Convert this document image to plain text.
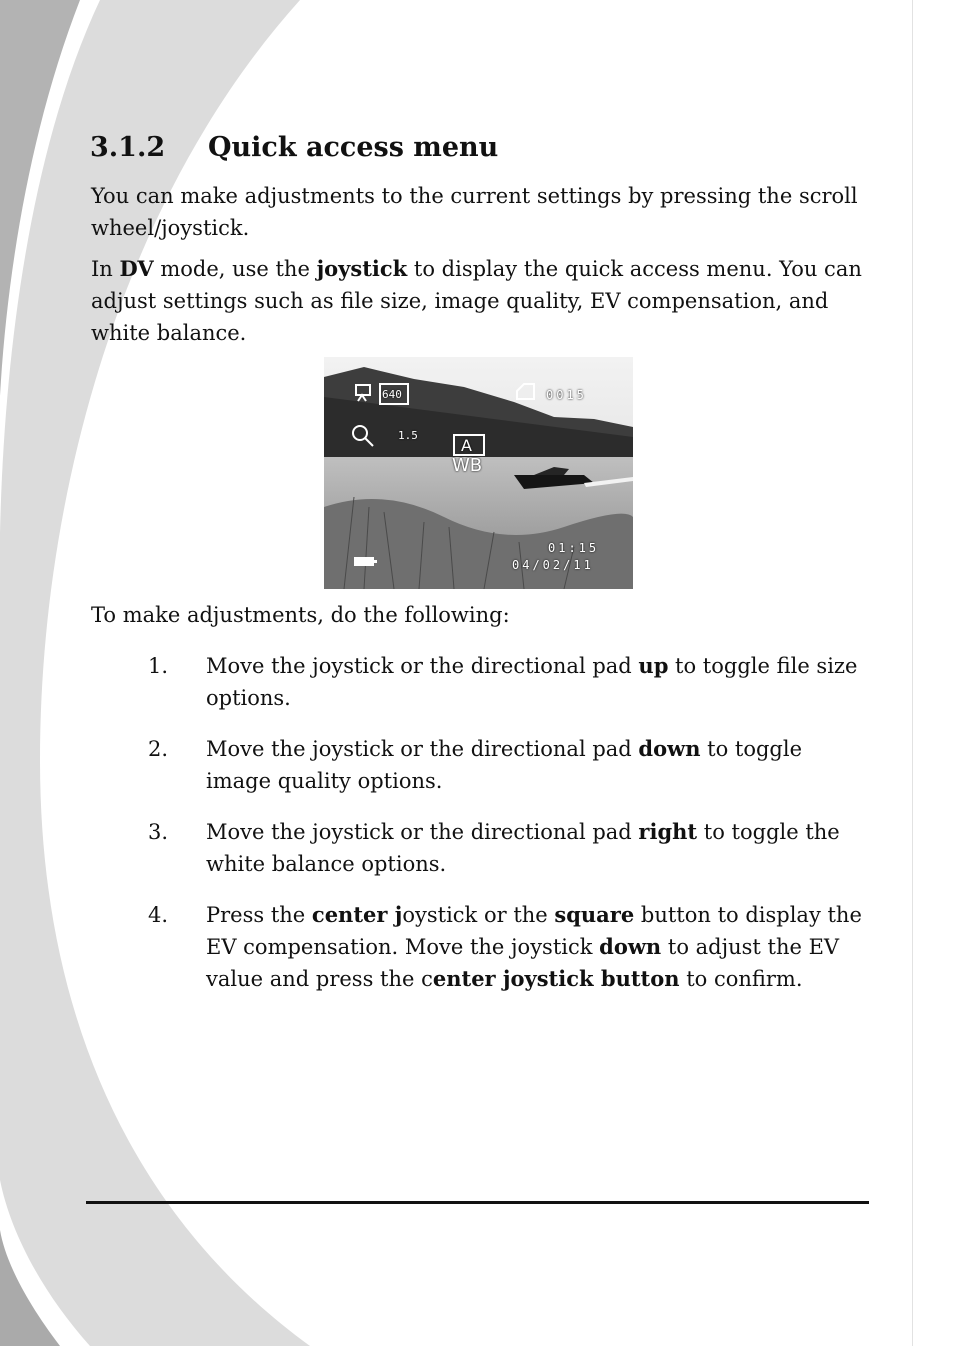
3.1.2 Quick access menu
You can make adjustments to the current settings by pressing the scroll wheel/joystick.
In DV mode, use the joystick to display the quick access menu. You can adjust settings such as file size, image quality, EV compensation, and white balance.
640	0015
1.5
A
WB
01:15
04/02/11
To make adjustments, do the following:
1. Move the joystick or the directional pad up to toggle file size options.
2. Move the joystick or the directional pad down to toggle image quality options.
3. Move the joystick or the directional pad right to toggle the white balance options.
4. Press the center joystick or the square button to display the EV compensation. Move the joystick down to adjust the EV value and press the center joystick button to confirm.
